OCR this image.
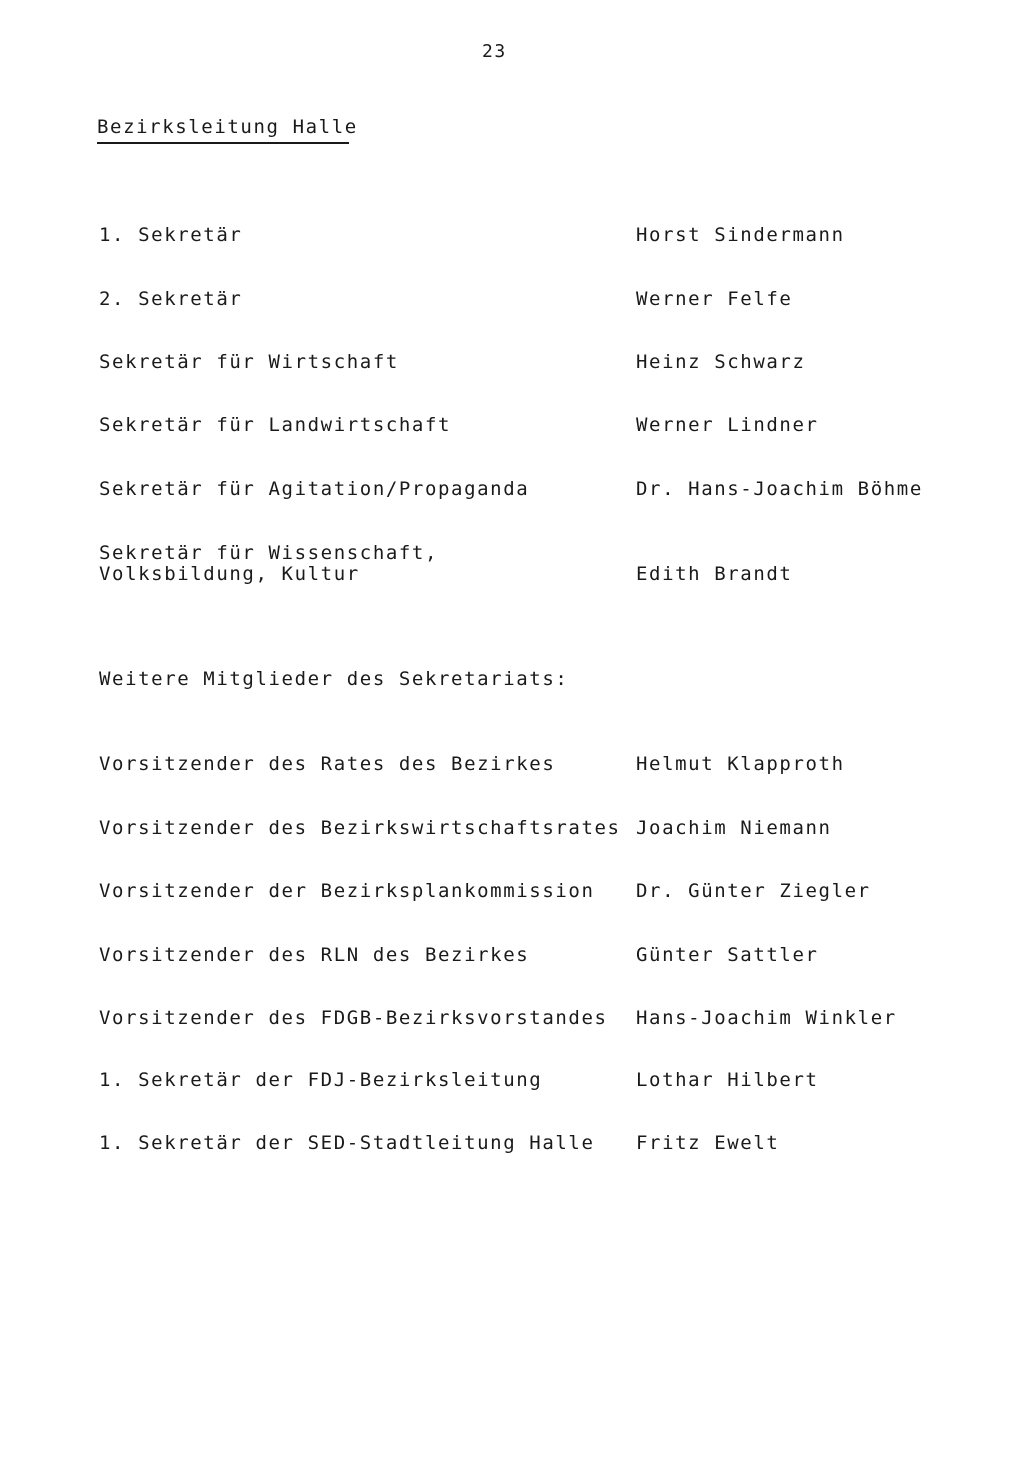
23
Bezirksleitung Halle
1. Sekretär	Horst Sindermann
2. Sekretär	Werner Felfe
Sekretär für Wirtschaft	Heinz Schwarz
Sekretär für Landwirtschaft	Werner Lindner
Sekretär für Agitation/Propaganda	Dr. Hans-Joachim Böhme
Sekretär für Wissenschaft,
Volksbildung, Kultur	Edith Brandt
Weitere Mitglieder des Sekretariats:
Vorsitzender des Rates des Bezirkes	Helmut Klapproth
Vorsitzender des Bezirkswirtschaftsrates Joachim Niemann
Vorsitzender der Bezirksplankommission Dr. Günter Ziegler
Vorsitzender des RLN des Bezirkes	Günter Sattler
Vorsitzender des FDGB-Bezirksvorstandes Hans-Joachim Winkler
1. Sekretär der FDJ-Bezirksleitung	Lothar Hilbert
1. Sekretär der SED-Stadtleitung Halle Fritz Ewelt
